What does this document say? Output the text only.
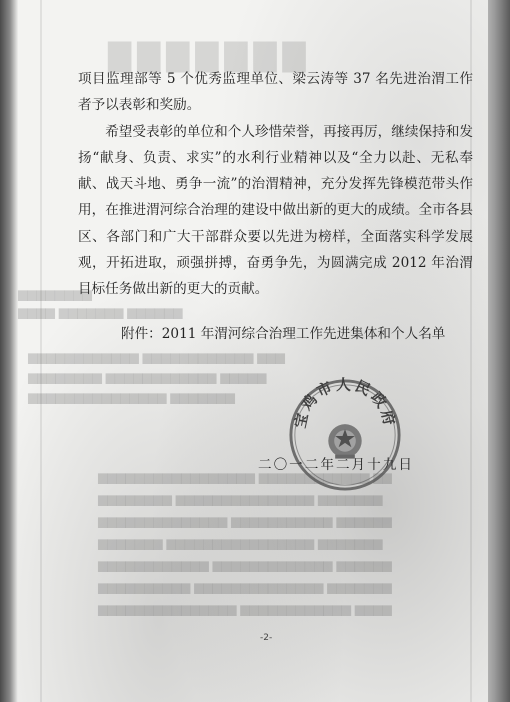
▇▇▇▇▇▇▇
▆▆▆▆▆▆▆▆
▆▆▆▆ ▆▆▆▆▆▆▆ ▆▆▆▆▆▆
▆▆▆▆▆▆▆▆▆▆▆▆ ▆▆▆▆▆▆▆▆▆▆▆▆ ▆▆▆
▆▆▆▆▆▆▆▆ ▆▆▆▆▆▆▆▆▆▆▆▆ ▆▆▆▆▆
▆▆▆▆▆▆▆▆▆▆▆▆▆▆▆ ▆▆▆▆▆▆▆
▆▆▆▆▆▆▆▆▆▆▆▆▆▆▆▆▆ ▆▆▆▆▆▆▆▆▆▆▆▆ ▆▆
▆▆▆▆▆▆▆▆ ▆▆▆▆▆▆▆▆▆▆▆▆▆▆▆ ▆▆▆▆▆▆▆
▆▆▆▆▆▆▆▆▆▆▆▆▆▆ ▆▆▆▆▆▆▆▆▆▆▆ ▆▆▆▆▆▆
▆▆▆▆▆▆▆ ▆▆▆▆▆▆▆▆▆▆▆▆▆▆▆▆ ▆▆▆▆▆▆▆
▆▆▆▆▆▆▆▆▆▆▆▆ ▆▆▆▆▆▆▆▆▆▆▆▆▆ ▆▆▆▆▆▆
▆▆▆▆▆▆▆▆▆▆ ▆▆▆▆▆▆▆▆▆▆▆▆▆▆ ▆▆▆▆▆▆▆
▆▆▆▆▆▆▆▆▆▆▆▆▆▆▆ ▆▆▆▆▆▆▆▆▆▆▆▆ ▆▆▆▆

项目监理部等 5 个优秀监理单位、梁云涛等 37 名先进治渭工作者予以表彰和奖励。

希望受表彰的单位和个人珍惜荣誉，再接再厉，继续保持和发扬“献身、负责、求实”的水利行业精神以及“全力以赴、无私奉献、战天斗地、勇争一流”的治渭精神，充分发挥先锋模范带头作用，在推进渭河综合治理的建设中做出新的更大的成绩。全市各县区、各部门和广大干部群众要以先进为榜样，全面落实科学发展观，开拓进取，顽强拼搏，奋勇争先，为圆满完成 2012 年治渭目标任务做出新的更大的贡献。

附件：2011 年渭河综合治理工作先进集体和个人名单
宝鸡市人民政府
二〇一二年二月十九日
-2-
